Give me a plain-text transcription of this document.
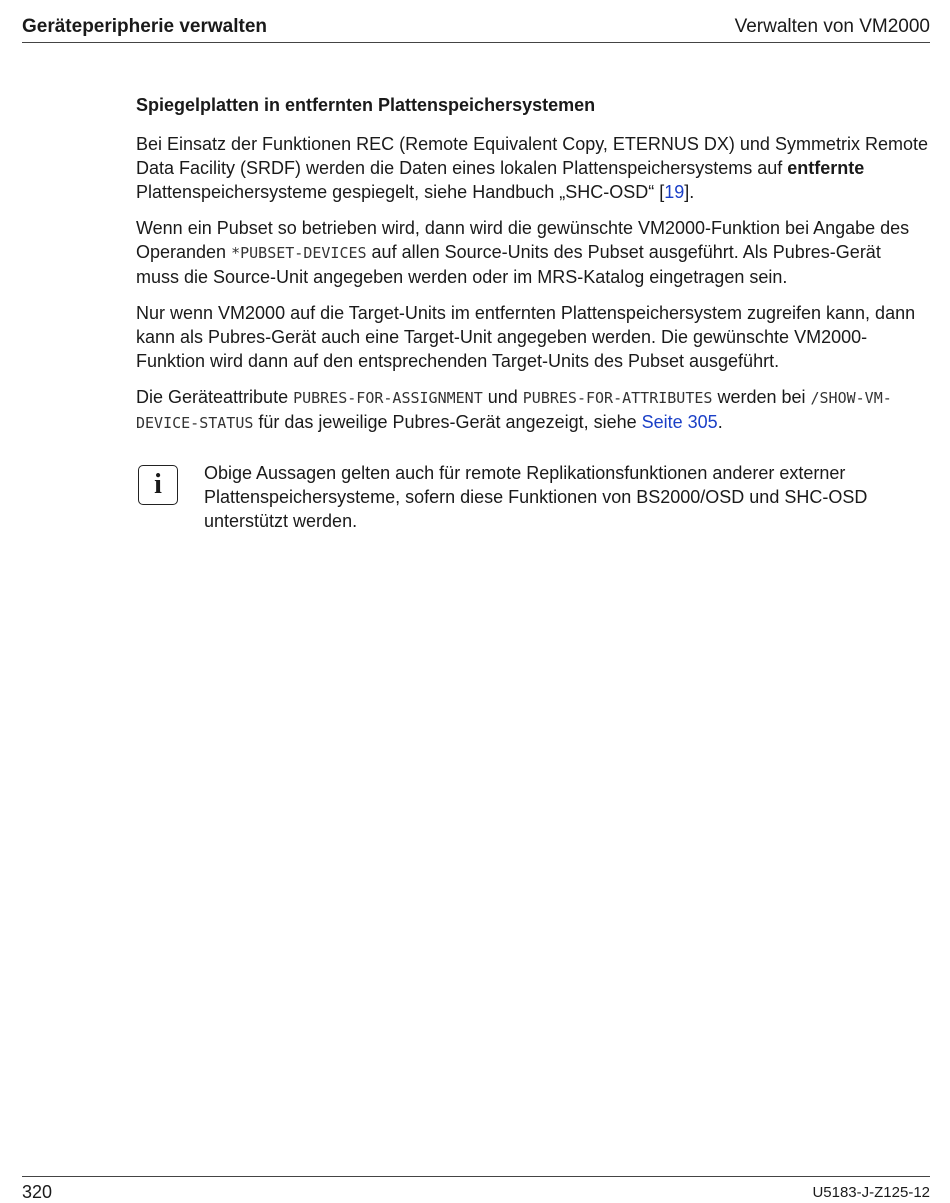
Geräteperipherie verwalten	Verwalten von VM2000
Spiegelplatten in entfernten Plattenspeichersystemen

Bei Einsatz der Funktionen REC (Remote Equivalent Copy, ETERNUS DX) und Symmetrix Remote Data Facility (SRDF) werden die Daten eines lokalen Plattenspeichersystems auf entfernte Plattenspeichersysteme gespiegelt, siehe Handbuch „SHC-OSD“ [19].

Wenn ein Pubset so betrieben wird, dann wird die gewünschte VM2000-Funktion bei Angabe des Operanden *PUBSET-DEVICES auf allen Source-Units des Pubset ausgeführt. Als Pubres-Gerät muss die Source-Unit angegeben werden oder im MRS-Katalog eingetragen sein.

Nur wenn VM2000 auf die Target-Units im entfernten Plattenspeichersystem zugreifen kann, dann kann als Pubres-Gerät auch eine Target-Unit angegeben werden. Die gewünschte VM2000-Funktion wird dann auf den entsprechenden Target-Units des Pubset ausgeführt.

Die Geräteattribute PUBRES-FOR-ASSIGNMENT und PUBRES-FOR-ATTRIBUTES werden bei /SHOW-VM-DEVICE-STATUS für das jeweilige Pubres-Gerät angezeigt, siehe Seite 305.

i	Obige Aussagen gelten auch für remote Replikationsfunktionen anderer externer Plattenspeichersysteme, sofern diese Funktionen von BS2000/OSD und SHC-OSD unterstützt werden.
320	U5183-J-Z125-12
